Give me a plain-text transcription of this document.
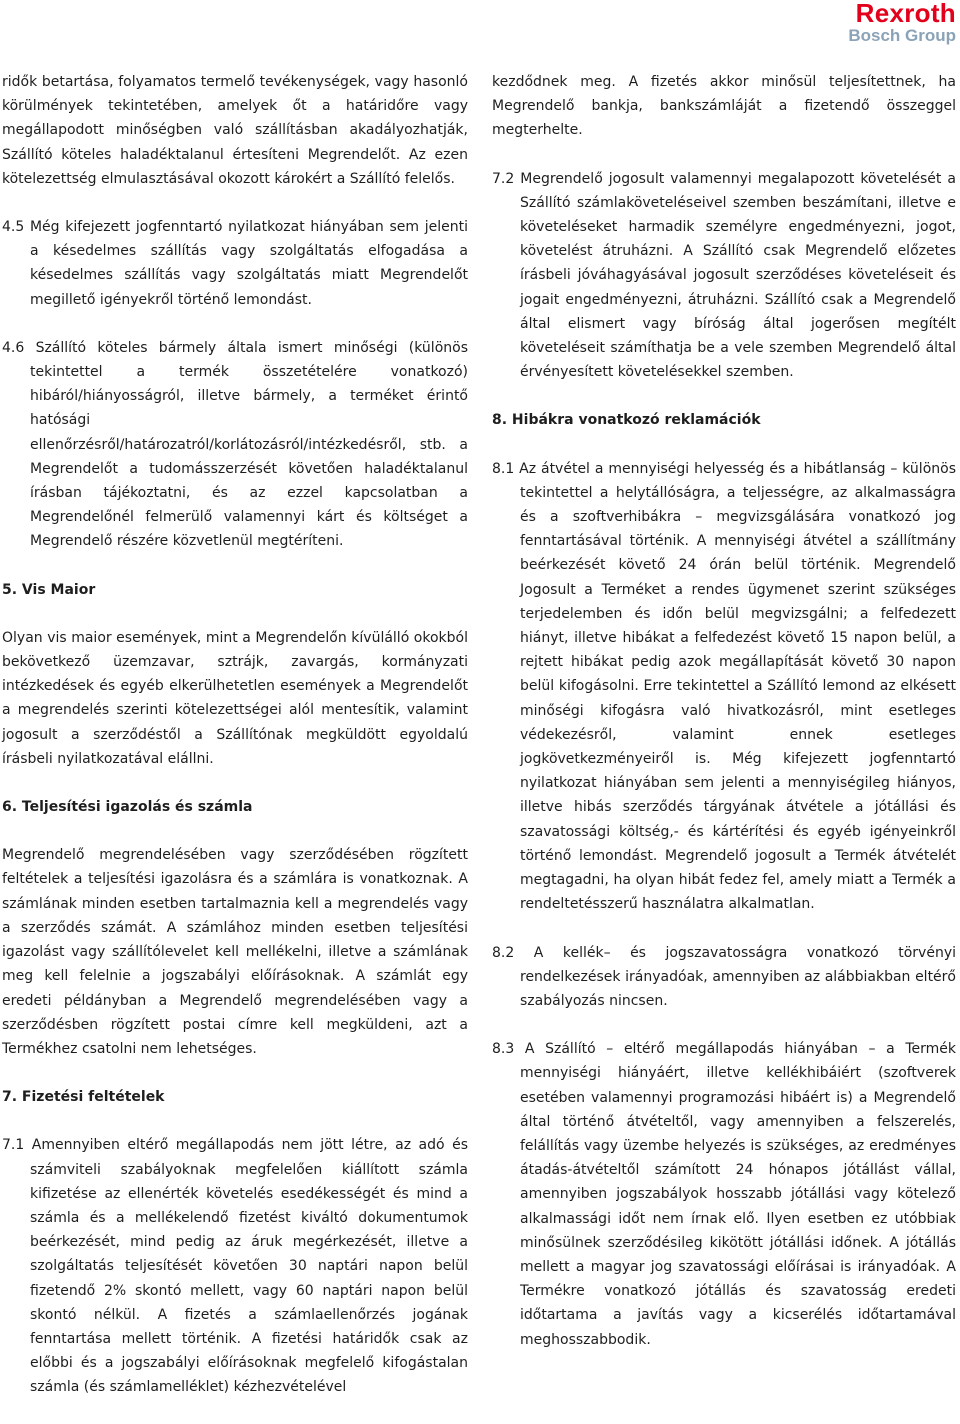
Rexroth
Bosch Group

ridők betartása, folyamatos termelő tevékenységek, vagy hasonló körülmények tekintetében, amelyek őt a határidőre vagy megállapodott minőségben való szállításban akadályozhatják, Szállító köteles haladéktalanul értesíteni Megrendelőt. Az ezen kötelezettség elmulasztásával okozott károkért a Szállító felelős.

4.5 Még kifejezett jogfenntartó nyilatkozat hiányában sem jelenti a késedelmes szállítás vagy szolgáltatás elfogadása a késedelmes szállítás vagy szolgáltatás miatt Megrendelőt megillető igényekről történő lemondást.

4.6 Szállító köteles bármely általa ismert minőségi (különös tekintettel a termék összetételére vonatkozó) hibáról/hiányosságról, illetve bármely, a terméket érintő hatósági ellenőrzésről/határozatról/korlátozásról/intézkedésről, stb. a Megrendelőt a tudomásszerzését követően haladéktalanul írásban tájékoztatni, és az ezzel kapcsolatban a Megrendelőnél felmerülő valamennyi kárt és költséget a Megrendelő részére közvetlenül megtéríteni.

5. Vis Maior

Olyan vis maior események, mint a Megrendelőn kívülálló okokból bekövetkező üzemzavar, sztrájk, zavargás, kormányzati intézkedések és egyéb elkerülhetetlen események a Megrendelőt a megrendelés szerinti kötelezettségei alól mentesítik, valamint jogosult a szerződéstől a Szállítónak megküldött egyoldalú írásbeli nyilatkozatával elállni.

6. Teljesítési igazolás és számla

Megrendelő megrendelésében vagy szerződésében rögzített feltételek a teljesítési igazolásra és a számlára is vonatkoznak. A számlának minden esetben tartalmaznia kell a megrendelés vagy a szerződés számát. A számlához minden esetben teljesítési igazolást vagy szállítólevelet kell mellékelni, illetve a számlának meg kell felelnie a jogszabályi előírásoknak. A számlát egy eredeti példányban a Megrendelő megrendelésében vagy a szerződésben rögzített postai címre kell megküldeni, azt a Termékhez csatolni nem lehetséges.

7. Fizetési feltételek

7.1 Amennyiben eltérő megállapodás nem jött létre, az adó és számviteli szabályoknak megfelelően kiállított számla kifizetése az ellenérték követelés esedékességét és mind a számla és a mellékelendő fizetést kiváltó dokumentumok beérkezését, mind pedig az áruk megérkezését, illetve a szolgáltatás teljesítését követően 30 naptári napon belül fizetendő 2% skontó mellett, vagy 60 naptári napon belül skontó nélkül. A fizetés a számlaellenőrzés jogának fenntartása mellett történik. A fizetési határidők csak az előbbi és a jogszabályi előírásoknak megfelelő kifogástalan számla (és számlamelléklet) kézhezvételével

kezdődnek meg. A fizetés akkor minősül teljesítettnek, ha Megrendelő bankja, bankszámláját a fizetendő összeggel megterhelte.

7.2 Megrendelő jogosult valamennyi megalapozott követelését a Szállító számlaköveteléseivel szemben beszámítani, illetve e követeléseket harmadik személyre engedményezni, jogot, követelést átruházni. A Szállító csak Megrendelő előzetes írásbeli jóváhagyásával jogosult szerződéses követeléseit és jogait engedményezni, átruházni. Szállító csak a Megrendelő által elismert vagy bíróság által jogerősen megítélt követeléseit számíthatja be a vele szemben Megrendelő által érvényesített követelésekkel szemben.

8. Hibákra vonatkozó reklamációk

8.1 Az átvétel a mennyiségi helyesség és a hibátlanság – különös tekintettel a helytállóságra, a teljességre, az alkalmasságra és a szoftverhibákra – megvizsgálására vonatkozó jog fenntartásával történik. A mennyiségi átvétel a szállítmány beérkezését követő 24 órán belül történik. Megrendelő Jogosult a Terméket a rendes ügymenet szerint szükséges terjedelemben és időn belül megvizsgálni; a felfedezett hiányt, illetve hibákat a felfedezést követő 15 napon belül, a rejtett hibákat pedig azok megállapítását követő 30 napon belül kifogásolni. Erre tekintettel a Szállító lemond az elkésett minőségi kifogásra való hivatkozásról, mint esetleges védekezésről, valamint ennek esetleges jogkövetkezményeiről is. Még kifejezett jogfenntartó nyilatkozat hiányában sem jelenti a mennyiségileg hiányos, illetve hibás szerződés tárgyának átvétele a jótállási és szavatossági költség,- és kártérítési és egyéb igényeinkről történő lemondást. Megrendelő jogosult a Termék átvételét megtagadni, ha olyan hibát fedez fel, amely miatt a Termék a rendeltetésszerű használatra alkalmatlan.

8.2 A kellék– és jogszavatosságra vonatkozó törvényi rendelkezések irányadóak, amennyiben az alábbiakban eltérő szabályozás nincsen.

8.3 A Szállító – eltérő megállapodás hiányában – a Termék mennyiségi hiányáért, illetve kellékhibáiért (szoftverek esetében valamennyi programozási hibáért is) a Megrendelő által történő átvételtől, vagy amennyiben a felszerelés, felállítás vagy üzembe helyezés is szükséges, az eredményes átadás-átvételtől számított 24 hónapos jótállást vállal, amennyiben jogszabályok hosszabb jótállási vagy kötelező alkalmassági időt nem írnak elő. Ilyen esetben ez utóbbiak minősülnek szerződésileg kikötött jótállási időnek. A jótállás mellett a magyar jog szavatossági előírásai is irányadóak. A Termékre vonatkozó jótállás és szavatosság eredeti időtartama a javítás vagy a kicserélés időtartamával meghosszabbodik.
